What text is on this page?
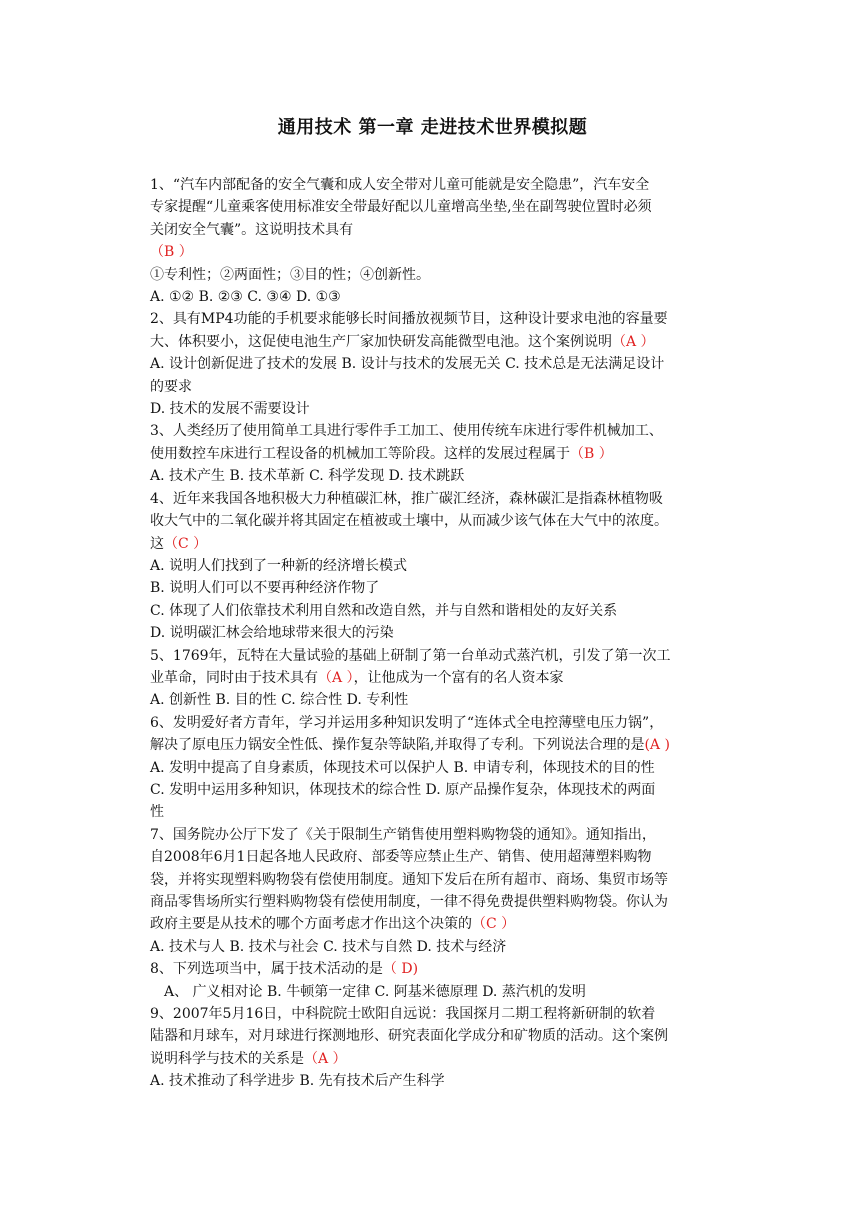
通用技术 第一章 走进技术世界模拟题
1、“汽车内部配备的安全气囊和成人安全带对儿童可能就是安全隐患”，汽车安全
专家提醒“儿童乘客使用标准安全带最好配以儿童增高坐垫,坐在副驾驶位置时必须
关闭安全气囊”。这说明技术具有
（B ）
①专利性；②两面性；③目的性；④创新性。
A. ①② B. ②③ C. ③④ D. ①③
2、具有MP4功能的手机要求能够长时间播放视频节目，这种设计要求电池的容量要
大、体积要小，这促使电池生产厂家加快研发高能微型电池。这个案例说明（A ）
A. 设计创新促进了技术的发展 B. 设计与技术的发展无关 C. 技术总是无法满足设计
的要求
D. 技术的发展不需要设计
3、人类经历了使用简单工具进行零件手工加工、使用传统车床进行零件机械加工、
使用数控车床进行工程设备的机械加工等阶段。这样的发展过程属于（B ）
A. 技术产生 B. 技术革新 C. 科学发现 D. 技术跳跃
4、近年来我国各地积极大力种植碳汇林，推广碳汇经济，森林碳汇是指森林植物吸
收大气中的二氧化碳并将其固定在植被或土壤中，从而减少该气体在大气中的浓度。
这（C ）
A. 说明人们找到了一种新的经济增长模式
B. 说明人们可以不要再种经济作物了
C. 体现了人们依靠技术利用自然和改造自然，并与自然和谐相处的友好关系
D. 说明碳汇林会给地球带来很大的污染
5、1769年，瓦特在大量试验的基础上研制了第一台单动式蒸汽机，引发了第一次工
业革命，同时由于技术具有（A ），让他成为一个富有的名人资本家
A. 创新性 B. 目的性 C. 综合性 D. 专利性
6、发明爱好者方青年，学习并运用多种知识发明了“连体式全电控薄壁电压力锅”，
解决了原电压力锅安全性低、操作复杂等缺陷,并取得了专利。下列说法合理的是(A )
A. 发明中提高了自身素质，体现技术可以保护人 B. 申请专利，体现技术的目的性
C. 发明中运用多种知识，体现技术的综合性 D. 原产品操作复杂，体现技术的两面
性
7、国务院办公厅下发了《关于限制生产销售使用塑料购物袋的通知》。通知指出，
自2008年6月1日起各地人民政府、部委等应禁止生产、销售、使用超薄塑料购物
袋，并将实现塑料购物袋有偿使用制度。通知下发后在所有超市、商场、集贸市场等
商品零售场所实行塑料购物袋有偿使用制度，一律不得免费提供塑料购物袋。你认为
政府主要是从技术的哪个方面考虑才作出这个决策的（C ）
A. 技术与人 B. 技术与社会 C. 技术与自然 D. 技术与经济
8、下列选项当中，属于技术活动的是（ D)
A、 广义相对论 B. 牛顿第一定律 C. 阿基米德原理 D. 蒸汽机的发明
9、2007年5月16日，中科院院士欧阳自远说：我国探月二期工程将新研制的软着
陆器和月球车，对月球进行探测地形、研究表面化学成分和矿物质的活动。这个案例
说明科学与技术的关系是（A ）
A. 技术推动了科学进步 B. 先有技术后产生科学
